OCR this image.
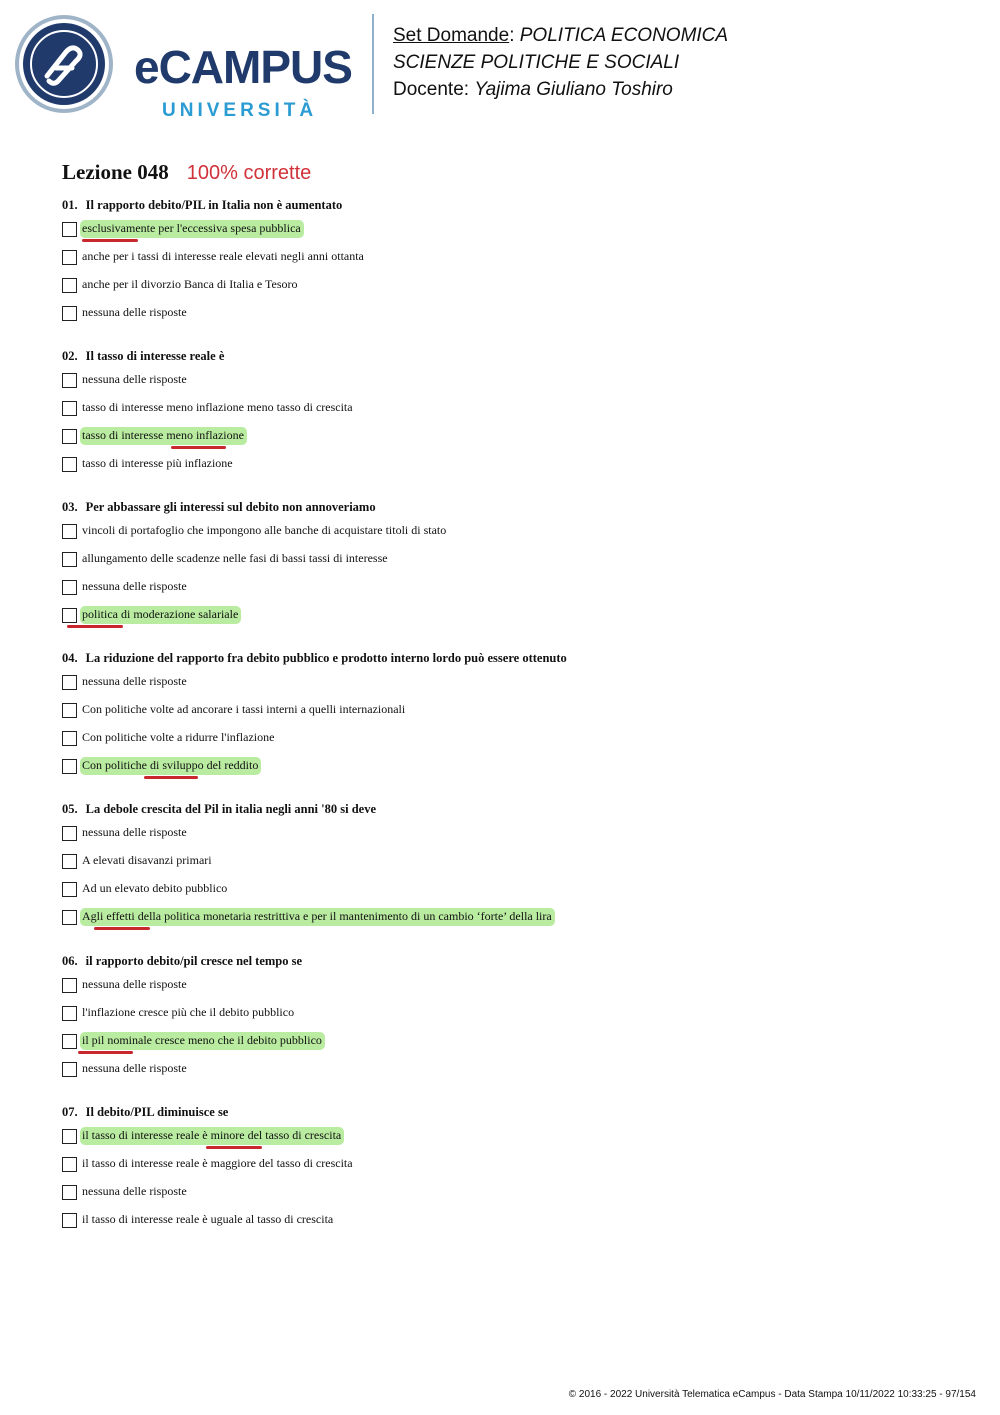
eCAMPUS
UNIVERSITÀ
Set Domande: POLITICA ECONOMICA
SCIENZE POLITICHE E SOCIALI
Docente: Yajima Giuliano Toshiro
Lezione 048 100% corrette
01. Il rapporto debito/PIL in Italia non è aumentato
esclusivamente per l'eccessiva spesa pubblica
anche per i tassi di interesse reale elevati negli anni ottanta
anche per il divorzio Banca di Italia e Tesoro
nessuna delle risposte
02. Il tasso di interesse reale è
nessuna delle risposte
tasso di interesse meno inflazione meno tasso di crescita
tasso di interesse meno inflazione
tasso di interesse più inflazione
03. Per abbassare gli interessi sul debito non annoveriamo
vincoli di portafoglio che impongono alle banche di acquistare titoli di stato
allungamento delle scadenze nelle fasi di bassi tassi di interesse
nessuna delle risposte
politica di moderazione salariale
04. La riduzione del rapporto fra debito pubblico e prodotto interno lordo può essere ottenuto
nessuna delle risposte
Con politiche volte ad ancorare i tassi interni a quelli internazionali
Con politiche volte a ridurre l'inflazione
Con politiche di sviluppo del reddito
05. La debole crescita del Pil in italia negli anni '80 si deve
nessuna delle risposte
A elevati disavanzi primari
Ad un elevato debito pubblico
Agli effetti della politica monetaria restrittiva e per il mantenimento di un cambio ‘forte’ della lira
06. il rapporto debito/pil cresce nel tempo se
nessuna delle risposte
l'inflazione cresce più che il debito pubblico
il pil nominale cresce meno che il debito pubblico
nessuna delle risposte
07. Il debito/PIL diminuisce se
il tasso di interesse reale è minore del tasso di crescita
il tasso di interesse reale è maggiore del tasso di crescita
nessuna delle risposte
il tasso di interesse reale è uguale al tasso di crescita
© 2016 - 2022 Università Telematica eCampus - Data Stampa 10/11/2022 10:33:25 - 97/154
